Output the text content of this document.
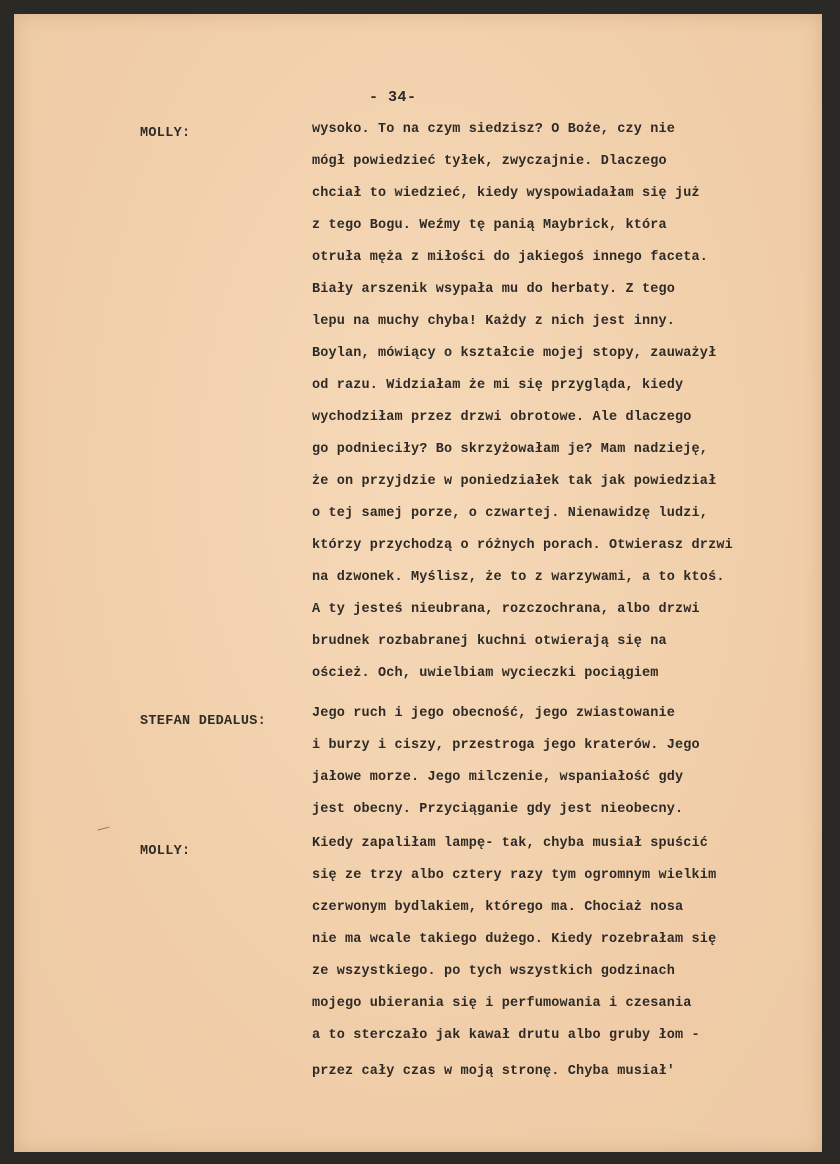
- 34-
MOLLY:
STEFAN DEDALUS:
MOLLY:
wysoko. To na czym siedzisz? O Boże, czy nie
mógł powiedzieć tyłek, zwyczajnie. Dlaczego
chciał to wiedzieć, kiedy wyspowiadałam się już
z tego Bogu. Weźmy tę panią Maybrick, która
otruła męża z miłości do jakiegoś innego faceta.
Biały arszenik wsypała mu do herbaty. Z tego
lepu na muchy chyba! Każdy z nich jest inny.
Boylan, mówiący o kształcie mojej stopy, zauważył
od razu. Widziałam że mi się przygląda, kiedy
wychodziłam przez drzwi obrotowe. Ale dlaczego
go podnieciły? Bo skrzyżowałam je? Mam nadzieję,
że on przyjdzie w poniedziałek tak jak powiedział
o tej samej porze, o czwartej. Nienawidzę ludzi,
którzy przychodzą o różnych porach. Otwierasz drzwi
na dzwonek. Myślisz, że to z warzywami, a to ktoś.
A ty jesteś nieubrana, rozczochrana, albo drzwi
brudnek rozbabranej kuchni otwierają się na
oścież. Och, uwielbiam wycieczki pociągiem
Jego ruch i jego obecność, jego zwiastowanie
i burzy i ciszy, przestroga jego kraterów. Jego
jałowe morze. Jego milczenie, wspaniałość gdy
jest obecny. Przyciąganie gdy jest nieobecny.
Kiedy zapaliłam lampę- tak, chyba musiał spuścić
się ze trzy albo cztery razy tym ogromnym wielkim
czerwonym bydlakiem, którego ma. Chociaż nosa
nie ma wcale takiego dużego. Kiedy rozebrałam się
ze wszystkiego. po tych wszystkich godzinach
mojego ubierania się i perfumowania i czesania
a to sterczało jak kawał drutu albo gruby łom -
przez cały czas w moją stronę. Chyba musiał'
